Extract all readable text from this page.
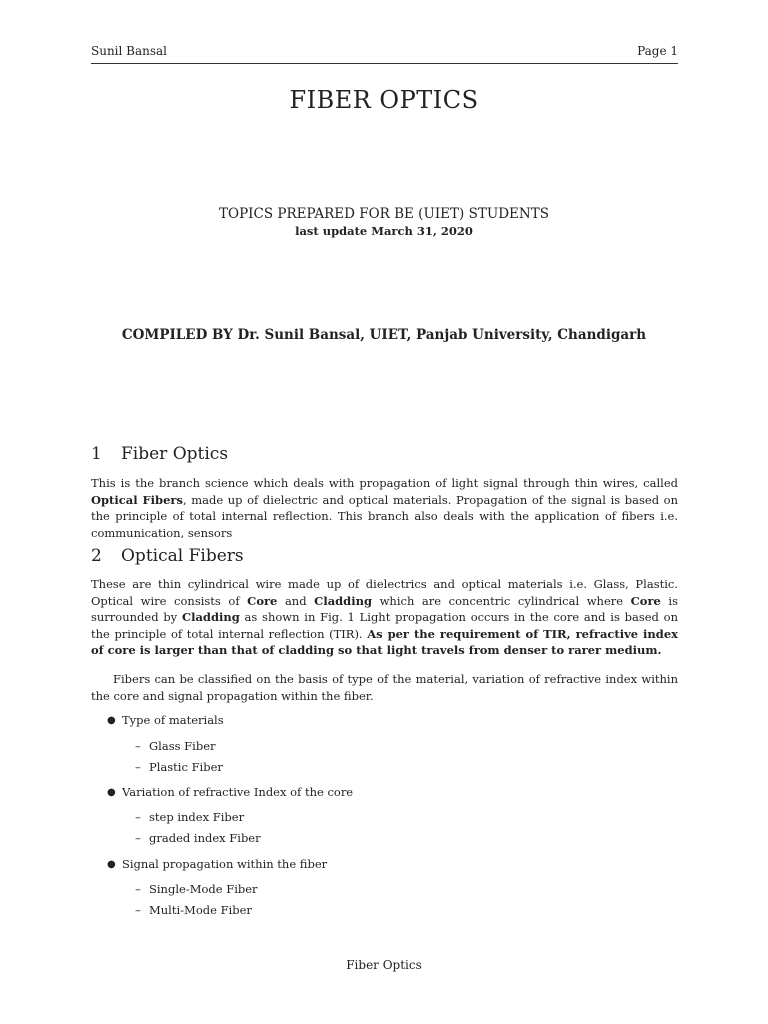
Sunil Bansal	Page 1
FIBER OPTICS
TOPICS PREPARED FOR BE (UIET) STUDENTS
last update March 31, 2020
COMPILED BY Dr. Sunil Bansal, UIET, Panjab University, Chandigarh
1	Fiber Optics

This is the branch science which deals with propagation of light signal through thin wires, called Optical Fibers, made up of dielectric and optical materials. Propagation of the signal is based on the principle of total internal reflection. This branch also deals with the application of fibers i.e. communication, sensors

2	Optical Fibers

These are thin cylindrical wire made up of dielectrics and optical materials i.e. Glass, Plastic. Optical wire consists of Core and Cladding which are concentric cylindrical where Core is surrounded by Cladding as shown in Fig. 1 Light propagation occurs in the core and is based on the principle of total internal reflection (TIR). As per the requirement of TIR, refractive index of core is larger than that of cladding so that light travels from denser to rarer medium.

Fibers can be classified on the basis of type of the material, variation of refractive index within the core and signal propagation within the fiber.

● Type of materials
– Glass Fiber
– Plastic Fiber
● Variation of refractive Index of the core
– step index Fiber
– graded index Fiber
● Signal propagation within the fiber
– Single-Mode Fiber
– Multi-Mode Fiber
Fiber Optics
